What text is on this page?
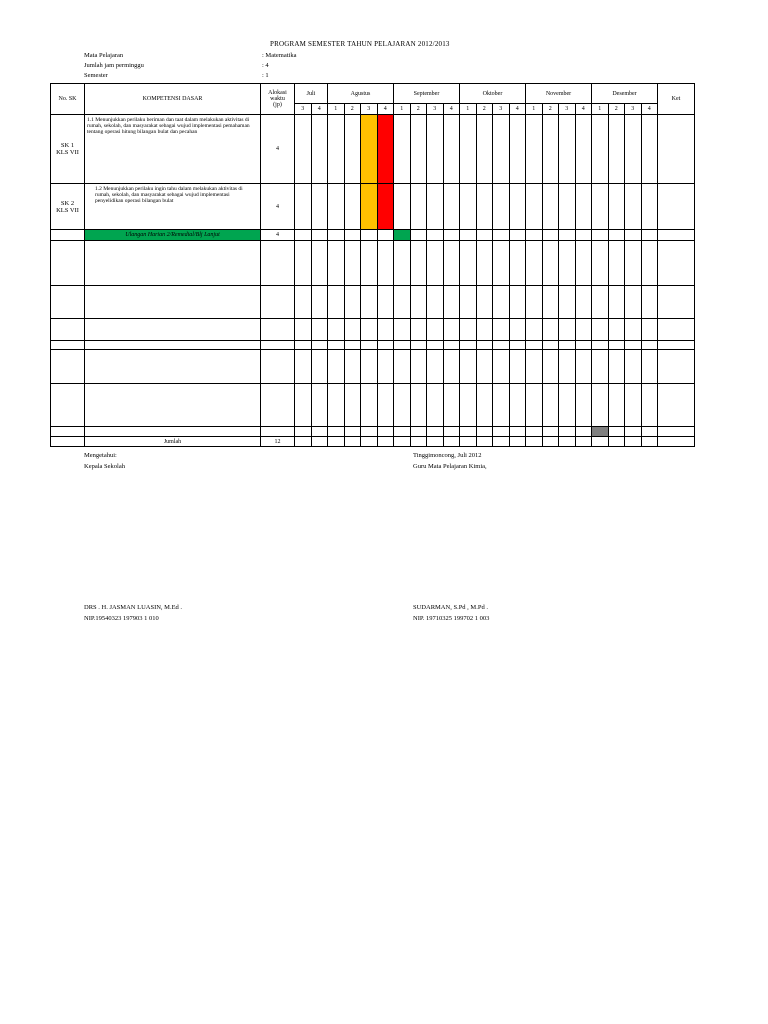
PROGRAM SEMESTER TAHUN PELAJARAN 2012/2013
Mata Pelajaran	: Matematika
Jumlah jam perminggu	: 4
Semester	: 1
No. SK	KOMPETENSI DASAR	Alokasi
waktu
(jp)	Juli		Agustus				September				Oktober				November				Desember				Ket
			3	4	1	2	3	4	1	2	3	4	1	2	3	4	1	2	3	4	1	2	3	4	
SK 1
KLS VII	1.1 Menunjukkan perilaku beriman dan taat dalam melakukan aktivitas di rumah, sekolah, dan masyarakat sebagai wujud implementasi pemahaman tentang operasi hitung bilangan bulat dan pecahan	4																							
SK 2
KLS VII	1.2 Menunjukkan perilaku ingin tahu dalam melakukan aktivitas di rumah, sekolah, dan masyarakat sebagai wujud implementasi penyelidikan operasi bilangan bulat	4																							
	Ulangan Harian 2/Remedial/Blj Lanjut	4																							

	Jumlah	12																							
Mengetahui:
Kepala Sekolah
Tinggimoncong, Juli 2012
Guru Mata Pelajaran Kimia,
DRS . H. JASMAN LUASIN, M.Ed .
NIP.19540323 197903 1 010
SUDARMAN, S.Pd , M.Pd .
NIP. 19710325 199702 1 003
